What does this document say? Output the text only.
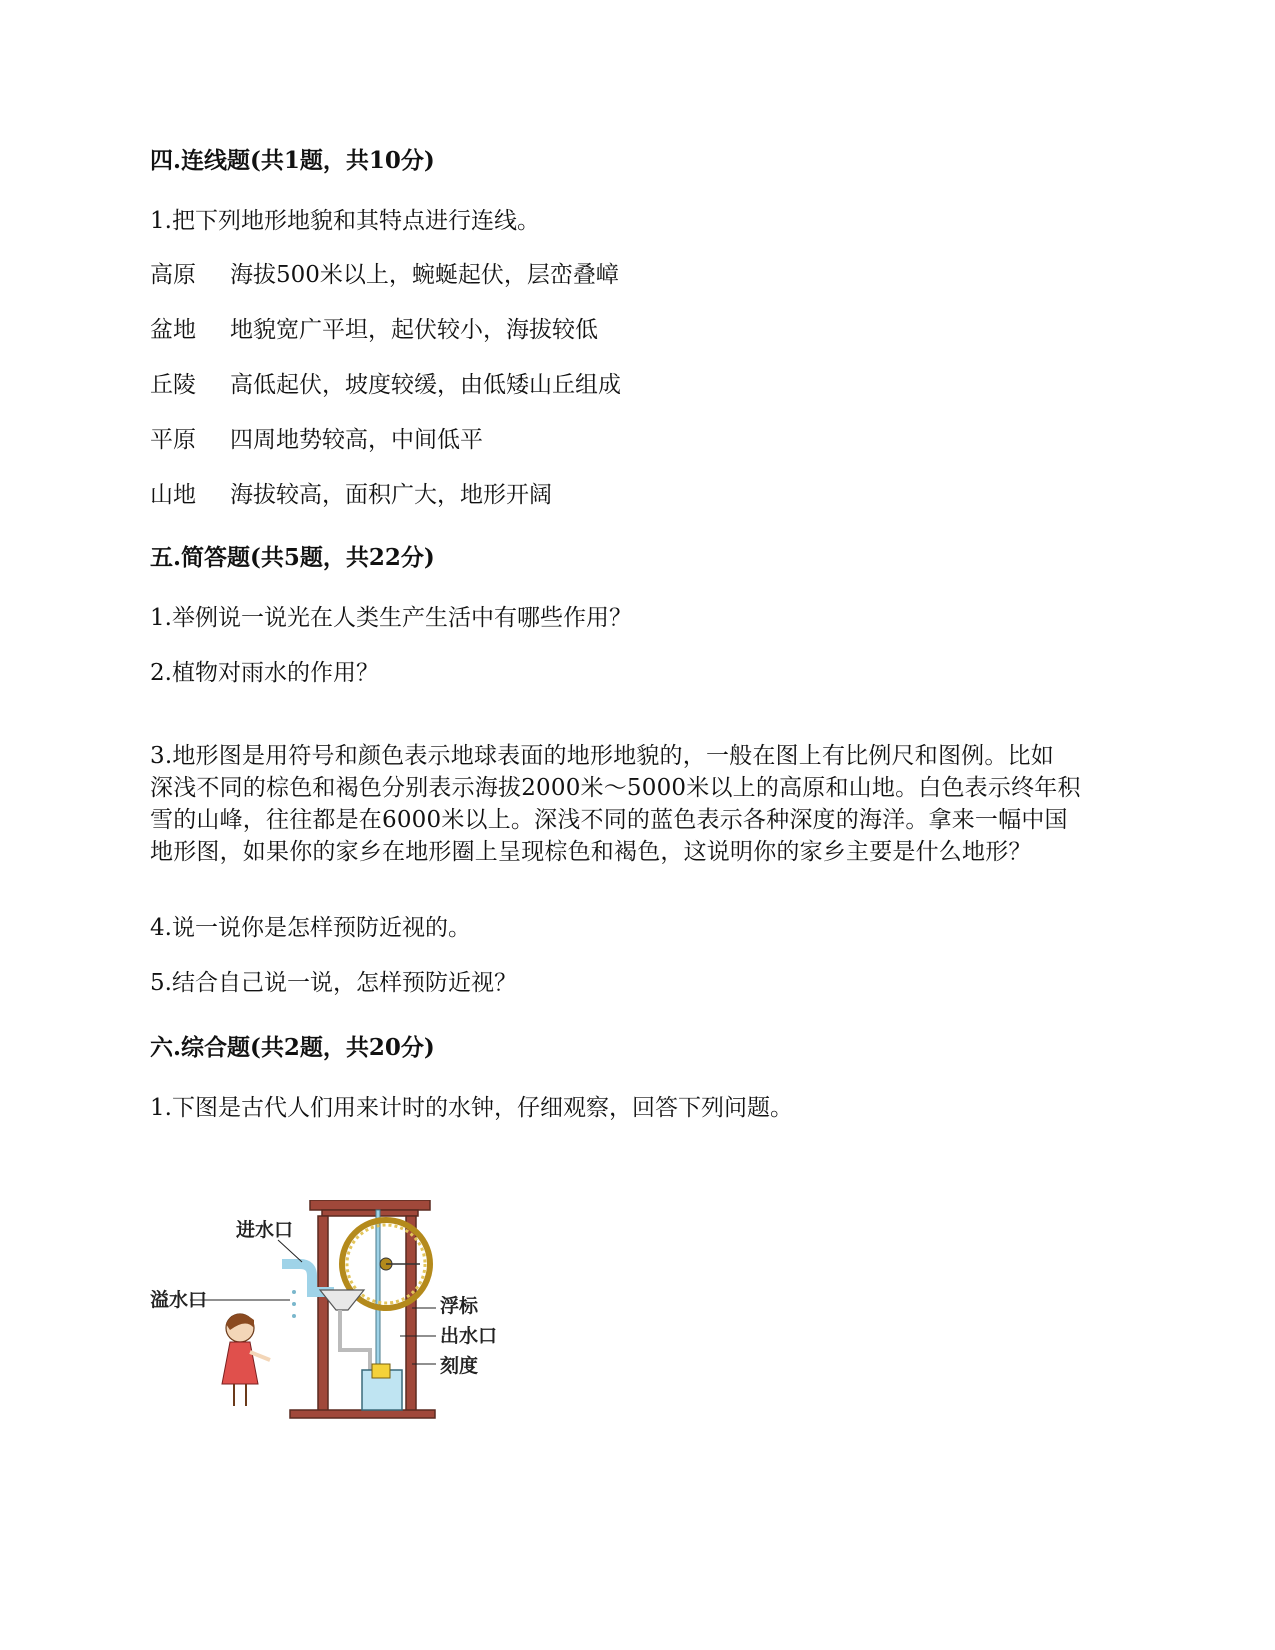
四.连线题(共1题，共10分)
1.把下列地形地貌和其特点进行连线。
高原 海拔500米以上，蜿蜒起伏，层峦叠嶂
盆地 地貌宽广平坦，起伏较小，海拔较低
丘陵 高低起伏，坡度较缓，由低矮山丘组成
平原 四周地势较高，中间低平
山地 海拔较高，面积广大，地形开阔
五.简答题(共5题，共22分)
1.举例说一说光在人类生产生活中有哪些作用？
2.植物对雨水的作用？
3.地形图是用符号和颜色表示地球表面的地形地貌的，一般在图上有比例尺和图例。比如
深浅不同的棕色和褐色分别表示海拔2000米～5000米以上的高原和山地。白色表示终年积
雪的山峰，往往都是在6000米以上。深浅不同的蓝色表示各种深度的海洋。拿来一幅中国
地形图，如果你的家乡在地形圈上呈现棕色和褐色，这说明你的家乡主要是什么地形？
4.说一说你是怎样预防近视的。
5.结合自己说一说，怎样预防近视？
六.综合题(共2题，共20分)
1.下图是古代人们用来计时的水钟，仔细观察，回答下列问题。
进水口
溢水口	浮标
出水口
刻度
